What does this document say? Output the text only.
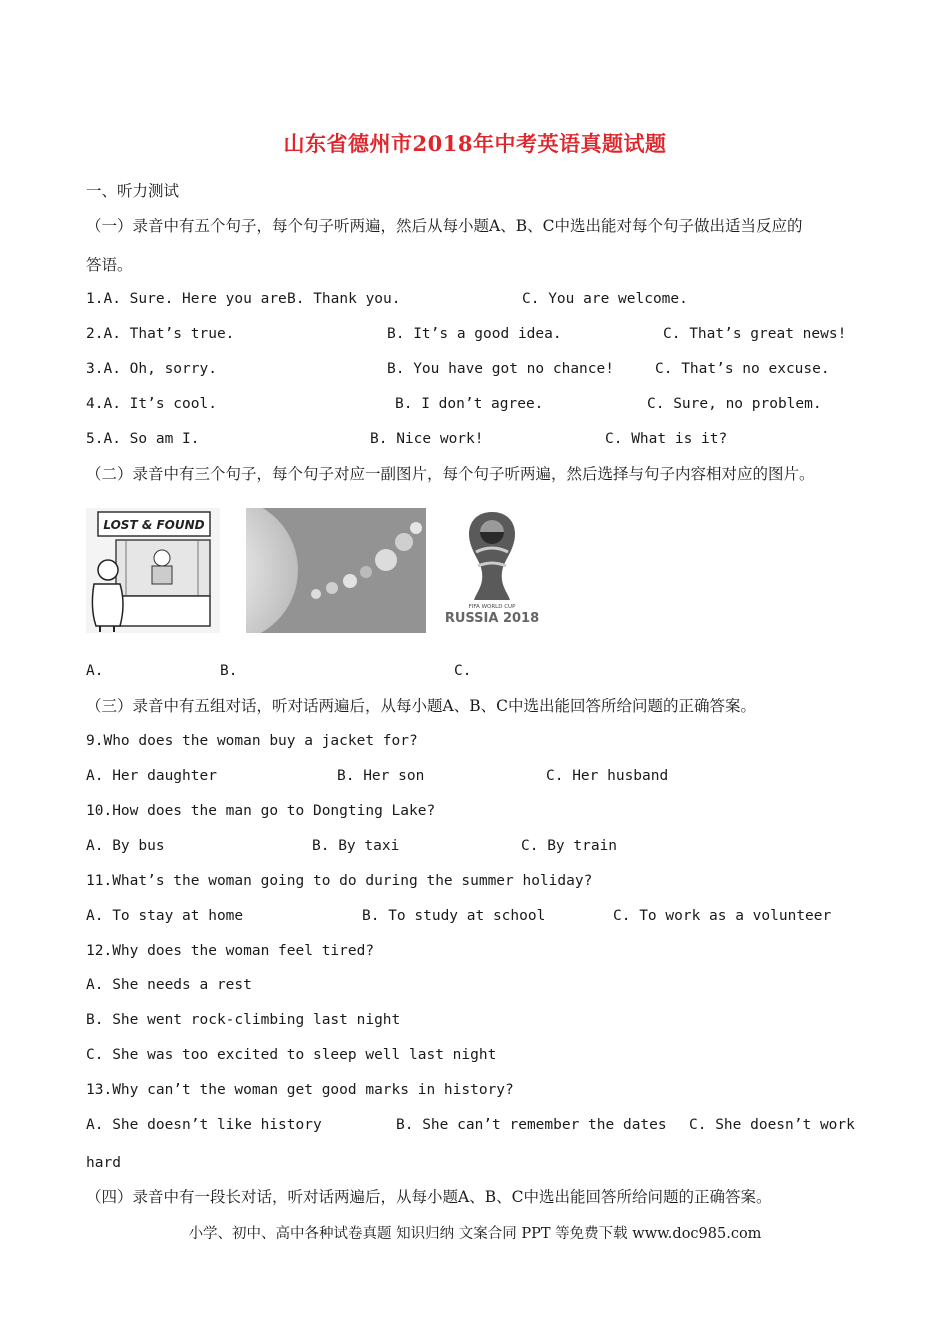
山东省德州市2018年中考英语真题试题
一、听力测试
（一）录音中有五个句子，每个句子听两遍，然后从每小题A、B、C中选出能对每个句子做出适当反应的
答语。
1.A. Sure. Here you are B. Thank you.	C. You are welcome.
2.A. That’s true.	B. It’s a good idea.	C. That’s great news!
3.A. Oh, sorry.	B. You have got no chance!	C. That’s no excuse.
4.A. It’s cool.	B. I don’t agree.	C. Sure, no problem.
5.A. So am I.	B. Nice work!	C. What is it?
（二）录音中有三个句子，每个句子对应一副图片，每个句子听两遍，然后选择与句子内容相对应的图片。
LOST & FOUND
FIFA WORLD CUP
RUSSIA 2018
A.	B.	C.
（三）录音中有五组对话，听对话两遍后，从每小题A、B、C中选出能回答所给问题的正确答案。
9.Who does the woman buy a jacket for?
A. Her daughter	B. Her son	C. Her husband
10.How does the man go to Dongting Lake?
A. By bus	B. By taxi	C. By train
11.What’s the woman going to do during the summer holiday?
A. To stay at home	B. To study at school	C. To work as a volunteer
12.Why does the woman feel tired?
A. She needs a rest
B. She went rock-climbing last night
C. She was too excited to sleep well last night
13.Why can’t the woman get good marks in history?
A. She doesn’t like history	B. She can’t remember the dates C. She doesn’t work
hard
（四）录音中有一段长对话，听对话两遍后，从每小题A、B、C中选出能回答所给问题的正确答案。
小学、初中、高中各种试卷真题 知识归纳 文案合同 PPT 等免费下载 www.doc985.com
